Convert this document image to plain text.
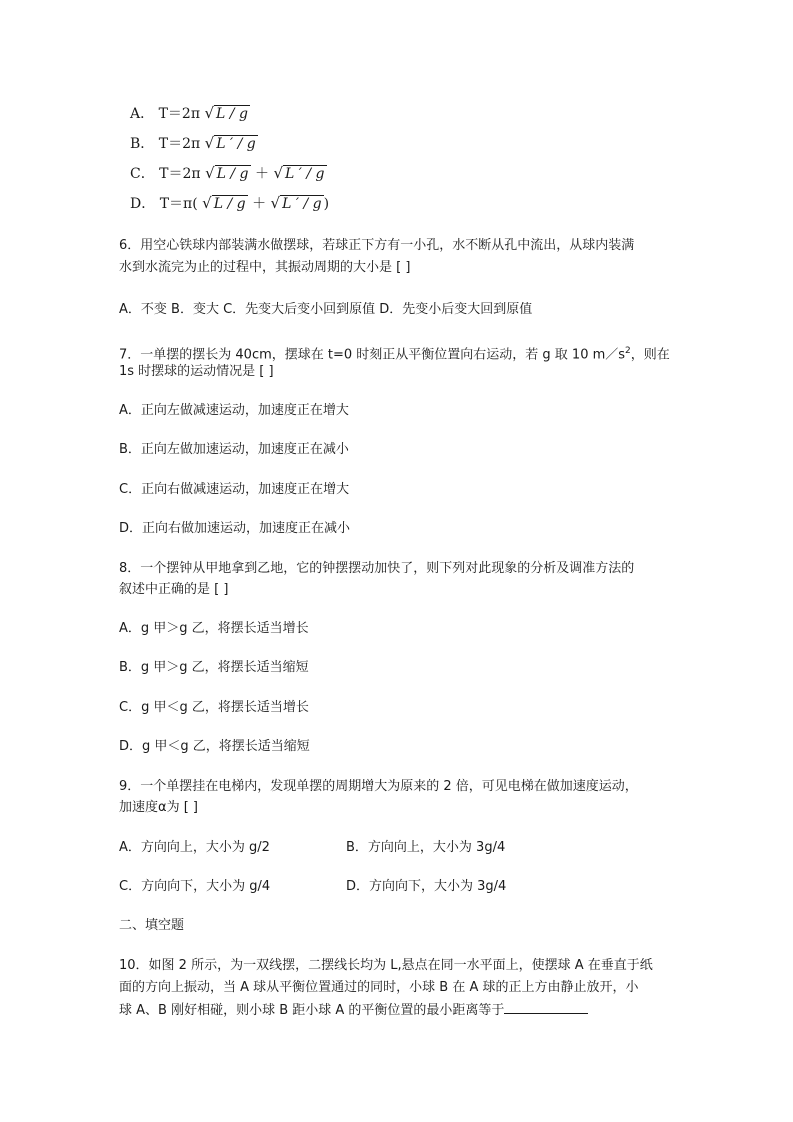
A． T＝2π √ L / g
B． T＝2π √ L ′ / g
C． T＝2π √ L / g ＋ √ L ′ / g
D． T＝π( √ L / g ＋ √ L ′ / g )
6．用空心铁球内部装满水做摆球，若球正下方有一小孔，水不断从孔中流出，从球内装满
水到水流完为止的过程中，其振动周期的大小是 [ ]
A．不变 B．变大 C．先变大后变小回到原值 D．先变小后变大回到原值
7．一单摆的摆长为 40cm，摆球在 t=0 时刻正从平衡位置向右运动，若 g 取 10 $m/s^2$，则在
1s 时摆球的运动情况是 [ ]
A．正向左做减速运动，加速度正在增大
B．正向左做加速运动，加速度正在减小
C．正向右做减速运动，加速度正在增大
D．正向右做加速运动，加速度正在减小
8．一个摆钟从甲地拿到乙地，它的钟摆摆动加快了，则下列对此现象的分析及调准方法的
叙述中正确的是 [ ]
A．g 甲＞g 乙，将摆长适当增长
B．g 甲＞g 乙，将摆长适当缩短
C．g 甲＜g 乙，将摆长适当增长
D．g 甲＜g 乙，将摆长适当缩短
9．一个单摆挂在电梯内，发现单摆的周期增大为原来的 2 倍，可见电梯在做加速度运动，
加速度α为 [ ]
A．方向向上，大小为 g/2	B．方向向上，大小为 3g/4
C．方向向下，大小为 g/4	D．方向向下，大小为 3g/4
二、填空题
10．如图 2 所示，为一双线摆，二摆线长均为 L,悬点在同一水平面上，使摆球 A 在垂直于纸
面的方向上振动，当 A 球从平衡位置通过的同时，小球 B 在 A 球的正上方由静止放开，小
球 A、B 刚好相碰，则小球 B 距小球 A 的平衡位置的最小距离等于
